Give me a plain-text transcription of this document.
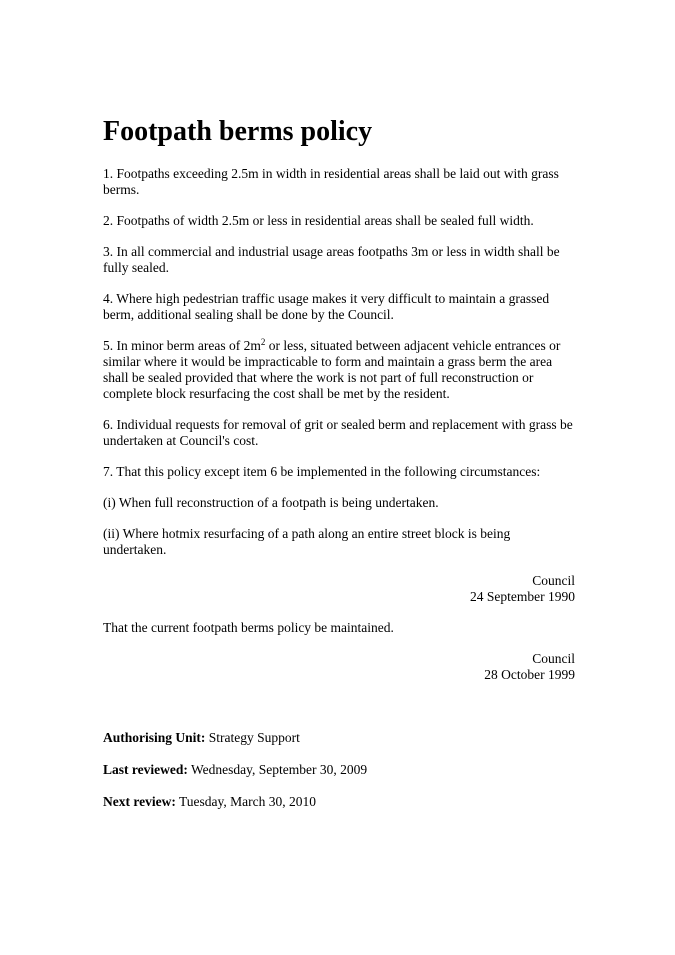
Footpath berms policy

1. Footpaths exceeding 2.5m in width in residential areas shall be laid out with grass berms.

2. Footpaths of width 2.5m or less in residential areas shall be sealed full width.

3. In all commercial and industrial usage areas footpaths 3m or less in width shall be fully sealed.

4. Where high pedestrian traffic usage makes it very difficult to maintain a grassed berm, additional sealing shall be done by the Council.

5. In minor berm areas of $2m^2$ or less, situated between adjacent vehicle entrances or similar where it would be impracticable to form and maintain a grass berm the area shall be sealed provided that where the work is not part of full reconstruction or complete block resurfacing the cost shall be met by the resident.

6. Individual requests for removal of grit or sealed berm and replacement with grass be undertaken at Council's cost.

7. That this policy except item 6 be implemented in the following circumstances:

(i) When full reconstruction of a footpath is being undertaken.

(ii) Where hotmix resurfacing of a path along an entire street block is being undertaken.

Council
24 September 1990

That the current footpath berms policy be maintained.

Council
28 October 1999

Authorising Unit: Strategy Support

Last reviewed: Wednesday, September 30, 2009

Next review: Tuesday, March 30, 2010
